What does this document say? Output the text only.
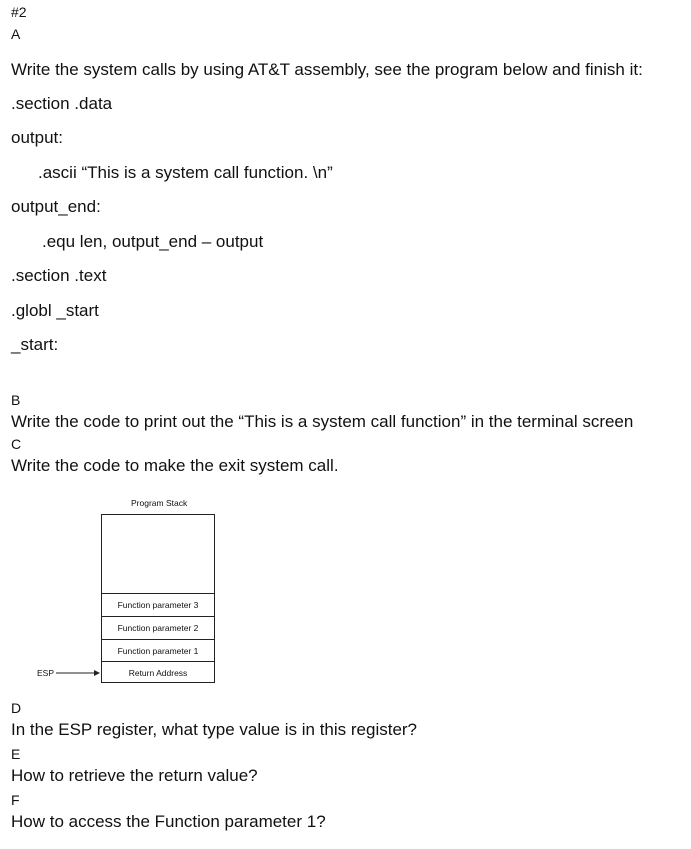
#2
A
Write the system calls by using AT&T assembly, see the program below and finish it:
.section .data
output:
.ascii “This is a system call function. \n”
output_end:
.equ len, output_end – output
.section .text
.globl _start
_start:
B
Write the code to print out the “This is a system call function” in the terminal screen
C
Write the code to make the exit system call.
Program Stack
Function parameter 3
Function parameter 2
Function parameter 1
Return Address
ESP
D
In the ESP register, what type value is in this register?
E
How to retrieve the return value?
F
How to access the Function parameter 1?
